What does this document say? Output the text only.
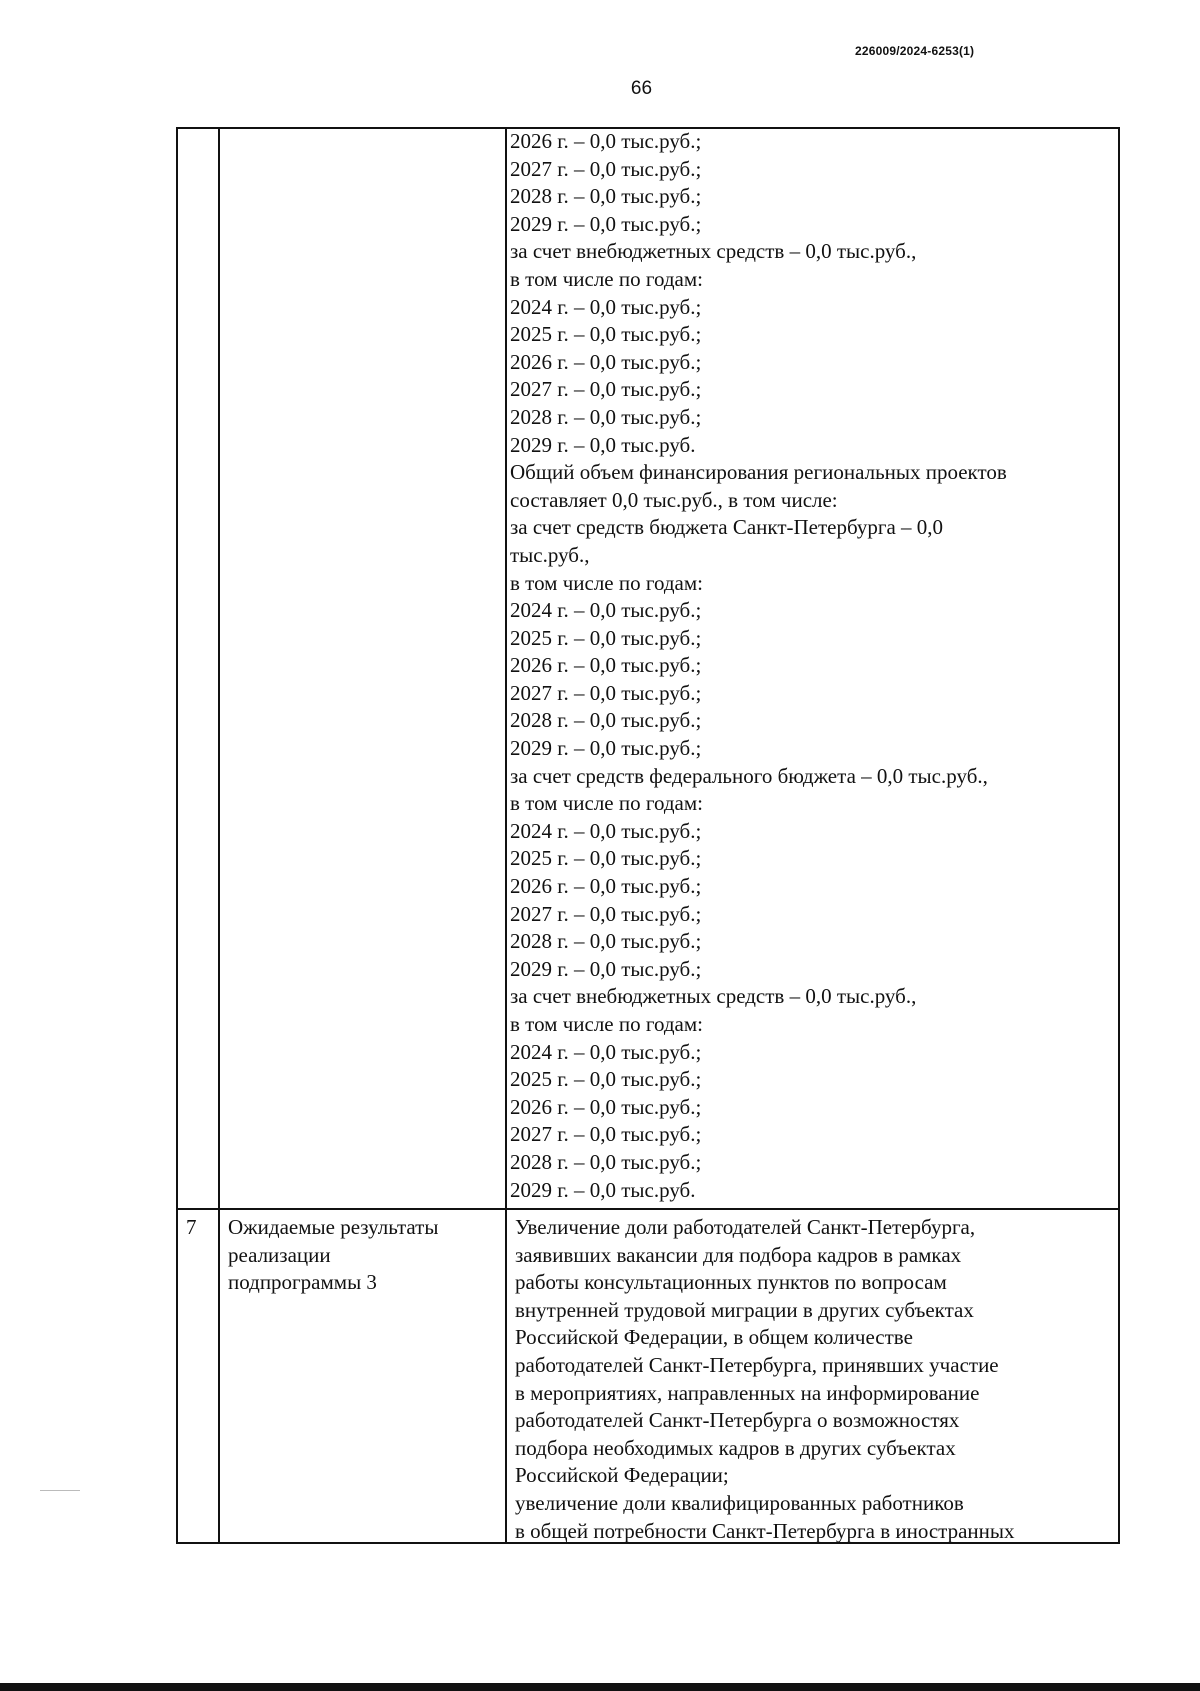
226009/2024-6253(1)
66
2026 г. – 0,0 тыс.руб.;
2027 г. – 0,0 тыс.руб.;
2028 г. – 0,0 тыс.руб.;
2029 г. – 0,0 тыс.руб.;
за счет внебюджетных средств – 0,0 тыс.руб.,
в том числе по годам:
2024 г. – 0,0 тыс.руб.;
2025 г. – 0,0 тыс.руб.;
2026 г. – 0,0 тыс.руб.;
2027 г. – 0,0 тыс.руб.;
2028 г. – 0,0 тыс.руб.;
2029 г. – 0,0 тыс.руб.
Общий объем финансирования региональных проектов
составляет 0,0 тыс.руб., в том числе:
за счет средств бюджета Санкт-Петербурга – 0,0
тыс.руб.,
в том числе по годам:
2024 г. – 0,0 тыс.руб.;
2025 г. – 0,0 тыс.руб.;
2026 г. – 0,0 тыс.руб.;
2027 г. – 0,0 тыс.руб.;
2028 г. – 0,0 тыс.руб.;
2029 г. – 0,0 тыс.руб.;
за счет средств федерального бюджета – 0,0 тыс.руб.,
в том числе по годам:
2024 г. – 0,0 тыс.руб.;
2025 г. – 0,0 тыс.руб.;
2026 г. – 0,0 тыс.руб.;
2027 г. – 0,0 тыс.руб.;
2028 г. – 0,0 тыс.руб.;
2029 г. – 0,0 тыс.руб.;
за счет внебюджетных средств – 0,0 тыс.руб.,
в том числе по годам:
2024 г. – 0,0 тыс.руб.;
2025 г. – 0,0 тыс.руб.;
2026 г. – 0,0 тыс.руб.;
2027 г. – 0,0 тыс.руб.;
2028 г. – 0,0 тыс.руб.;
2029 г. – 0,0 тыс.руб.
7 Ожидаемые результаты
реализации
подпрограммы 3
Увеличение доли работодателей Санкт-Петербурга,
заявивших вакансии для подбора кадров в рамках
работы консультационных пунктов по вопросам
внутренней трудовой миграции в других субъектах
Российской Федерации, в общем количестве
работодателей Санкт-Петербурга, принявших участие
в мероприятиях, направленных на информирование
работодателей Санкт-Петербурга о возможностях
подбора необходимых кадров в других субъектах
Российской Федерации;
увеличение доли квалифицированных работников
в общей потребности Санкт-Петербурга в иностранных
